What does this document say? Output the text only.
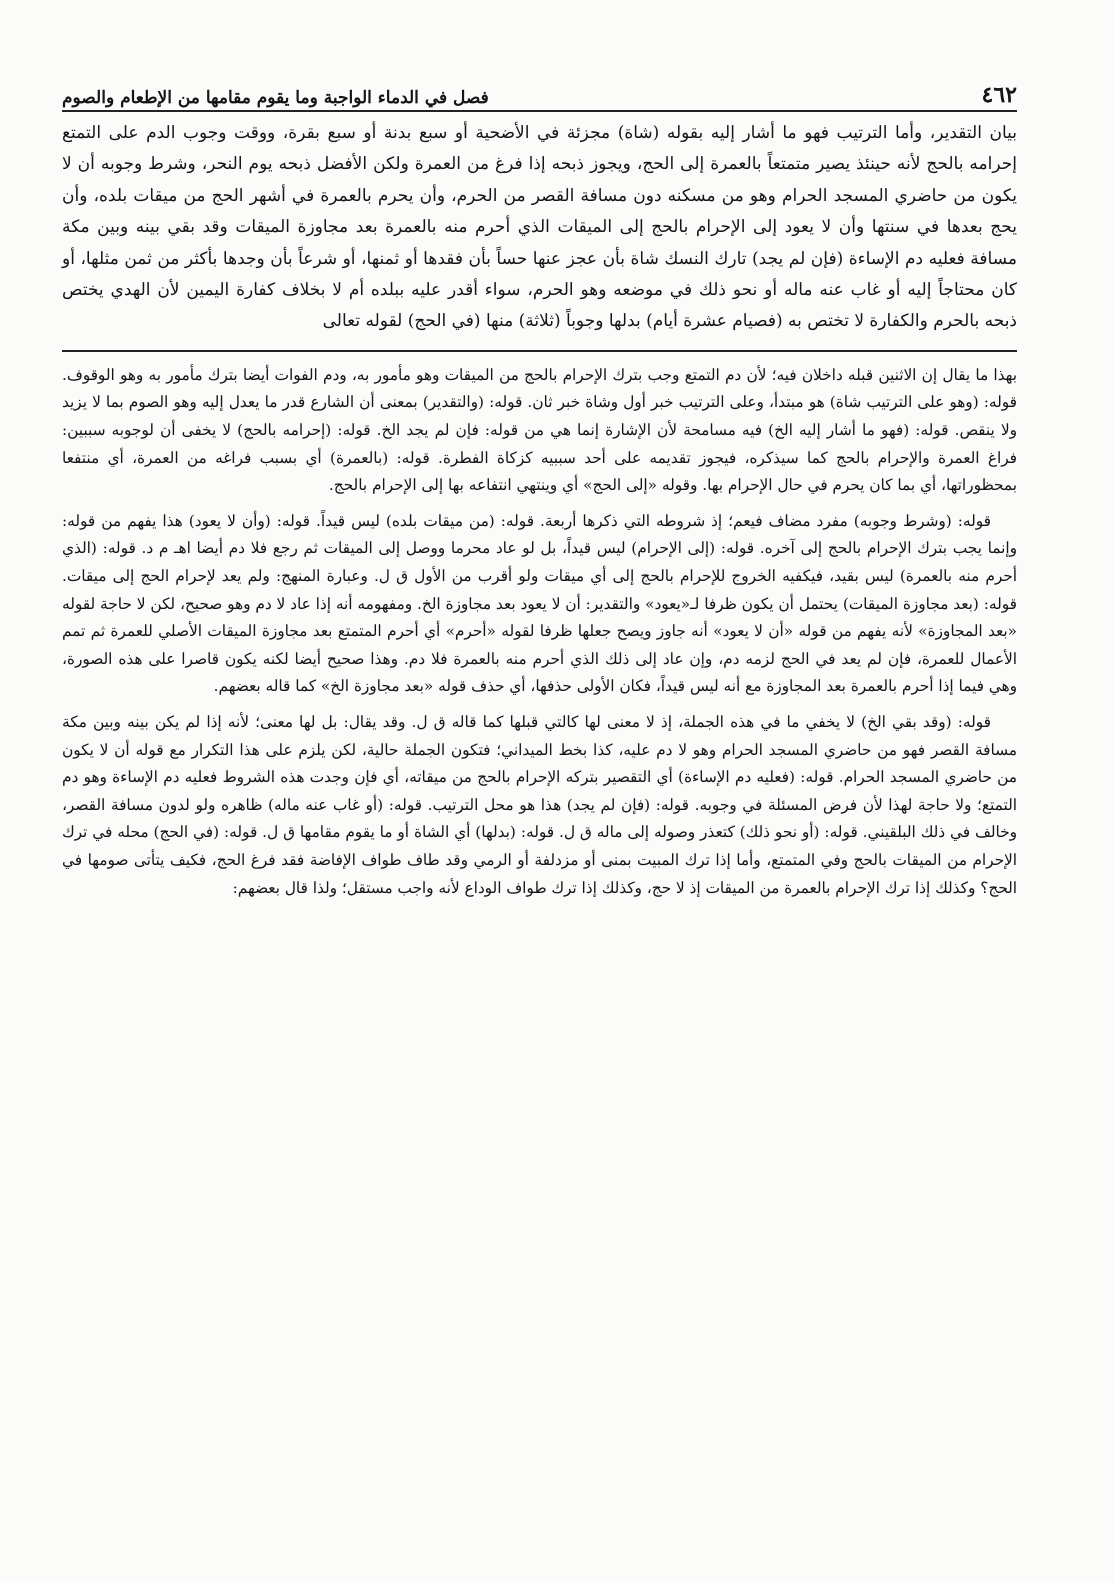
٤٦٢
فصل في الدماء الواجبة وما يقوم مقامها من الإطعام والصوم
بيان التقدير، وأما الترتيب فهو ما أشار إليه بقوله (شاة) مجزئة في الأضحية أو سبع بدنة أو سبع بقرة، ووقت وجوب الدم على التمتع إحرامه بالحج لأنه حينئذ يصير متمتعاً بالعمرة إلى الحج، ويجوز ذبحه إذا فرغ من العمرة ولكن الأفضل ذبحه يوم النحر، وشرط وجوبه أن لا يكون من حاضري المسجد الحرام وهو من مسكنه دون مسافة القصر من الحرم، وأن يحرم بالعمرة في أشهر الحج من ميقات بلده، وأن يحج بعدها في سنتها وأن لا يعود إلى الإحرام بالحج إلى الميقات الذي أحرم منه بالعمرة بعد مجاوزة الميقات وقد بقي بينه وبين مكة مسافة فعليه دم الإساءة (فإن لم يجد) تارك النسك شاة بأن عجز عنها حساً بأن فقدها أو ثمنها، أو شرعاً بأن وجدها بأكثر من ثمن مثلها، أو كان محتاجاً إليه أو غاب عنه ماله أو نحو ذلك في موضعه وهو الحرم، سواء أقدر عليه ببلده أم لا بخلاف كفارة اليمين لأن الهدي يختص ذبحه بالحرم والكفارة لا تختص به (فصيام عشرة أيام) بدلها وجوباً (ثلاثة) منها (في الحج) لقوله تعالى

بهذا ما يقال إن الاثنين قبله داخلان فيه؛ لأن دم التمتع وجب بترك الإحرام بالحج من الميقات وهو مأمور به، ودم الفوات أيضا بترك مأمور به وهو الوقوف. قوله: (وهو على الترتيب شاة) هو مبتدأ، وعلى الترتيب خبر أول وشاة خبر ثان. قوله: (والتقدير) بمعنى أن الشارع قدر ما يعدل إليه وهو الصوم بما لا يزيد ولا ينقص. قوله: (فهو ما أشار إليه الخ) فيه مسامحة لأن الإشارة إنما هي من قوله: فإن لم يجد الخ. قوله: (إحرامه بالحج) لا يخفى أن لوجوبه سببين: فراغ العمرة والإحرام بالحج كما سيذكره، فيجوز تقديمه على أحد سببيه كزكاة الفطرة. قوله: (بالعمرة) أي بسبب فراغه من العمرة، أي منتفعا بمحظوراتها، أي بما كان يحرم في حال الإحرام بها. وقوله «إلى الحج» أي وينتهي انتفاعه بها إلى الإحرام بالحج.

قوله: (وشرط وجوبه) مفرد مضاف فيعم؛ إذ شروطه التي ذكرها أربعة. قوله: (من ميقات بلده) ليس قيداً. قوله: (وأن لا يعود) هذا يفهم من قوله: وإنما يجب بترك الإحرام بالحج إلى آخره. قوله: (إلى الإحرام) ليس قيداً، بل لو عاد محرما ووصل إلى الميقات ثم رجع فلا دم أيضا اهـ م د. قوله: (الذي أحرم منه بالعمرة) ليس بقيد، فيكفيه الخروج للإحرام بالحج إلى أي ميقات ولو أقرب من الأول ق ل. وعبارة المنهج: ولم يعد لإحرام الحج إلى ميقات. قوله: (بعد مجاوزة الميقات) يحتمل أن يكون ظرفا لـ«يعود» والتقدير: أن لا يعود بعد مجاوزة الخ. ومفهومه أنه إذا عاد لا دم وهو صحيح، لكن لا حاجة لقوله «بعد المجاوزة» لأنه يفهم من قوله «أن لا يعود» أنه جاوز ويصح جعلها ظرفا لقوله «أحرم» أي أحرم المتمتع بعد مجاوزة الميقات الأصلي للعمرة ثم تمم الأعمال للعمرة، فإن لم يعد في الحج لزمه دم، وإن عاد إلى ذلك الذي أحرم منه بالعمرة فلا دم. وهذا صحيح أيضا لكنه يكون قاصرا على هذه الصورة، وهي فيما إذا أحرم بالعمرة بعد المجاوزة مع أنه ليس قيداً، فكان الأولى حذفها، أي حذف قوله «بعد مجاوزة الخ» كما قاله بعضهم.

قوله: (وقد بقي الخ) لا يخفي ما في هذه الجملة، إذ لا معنى لها كالتي قبلها كما قاله ق ل. وقد يقال: بل لها معنى؛ لأنه إذا لم يكن بينه وبين مكة مسافة القصر فهو من حاضري المسجد الحرام وهو لا دم عليه، كذا بخط الميداني؛ فتكون الجملة حالية، لكن يلزم على هذا التكرار مع قوله أن لا يكون من حاضري المسجد الحرام. قوله: (فعليه دم الإساءة) أي التقصير بتركه الإحرام بالحج من ميقاته، أي فإن وجدت هذه الشروط فعليه دم الإساءة وهو دم التمتع؛ ولا حاجة لهذا لأن فرض المسئلة في وجوبه. قوله: (فإن لم يجد) هذا هو محل الترتيب. قوله: (أو غاب عنه ماله) ظاهره ولو لدون مسافة القصر، وخالف في ذلك البلقيني. قوله: (أو نحو ذلك) كتعذر وصوله إلى ماله ق ل. قوله: (بدلها) أي الشاة أو ما يقوم مقامها ق ل. قوله: (في الحج) محله في ترك الإحرام من الميقات بالحج وفي المتمتع، وأما إذا ترك المبيت بمنى أو مزدلفة أو الرمي وقد طاف طواف الإفاضة فقد فرغ الحج، فكيف يتأتى صومها في الحج؟ وكذلك إذا ترك الإحرام بالعمرة من الميقات إذ لا حج، وكذلك إذا ترك طواف الوداع لأنه واجب مستقل؛ ولذا قال بعضهم:
